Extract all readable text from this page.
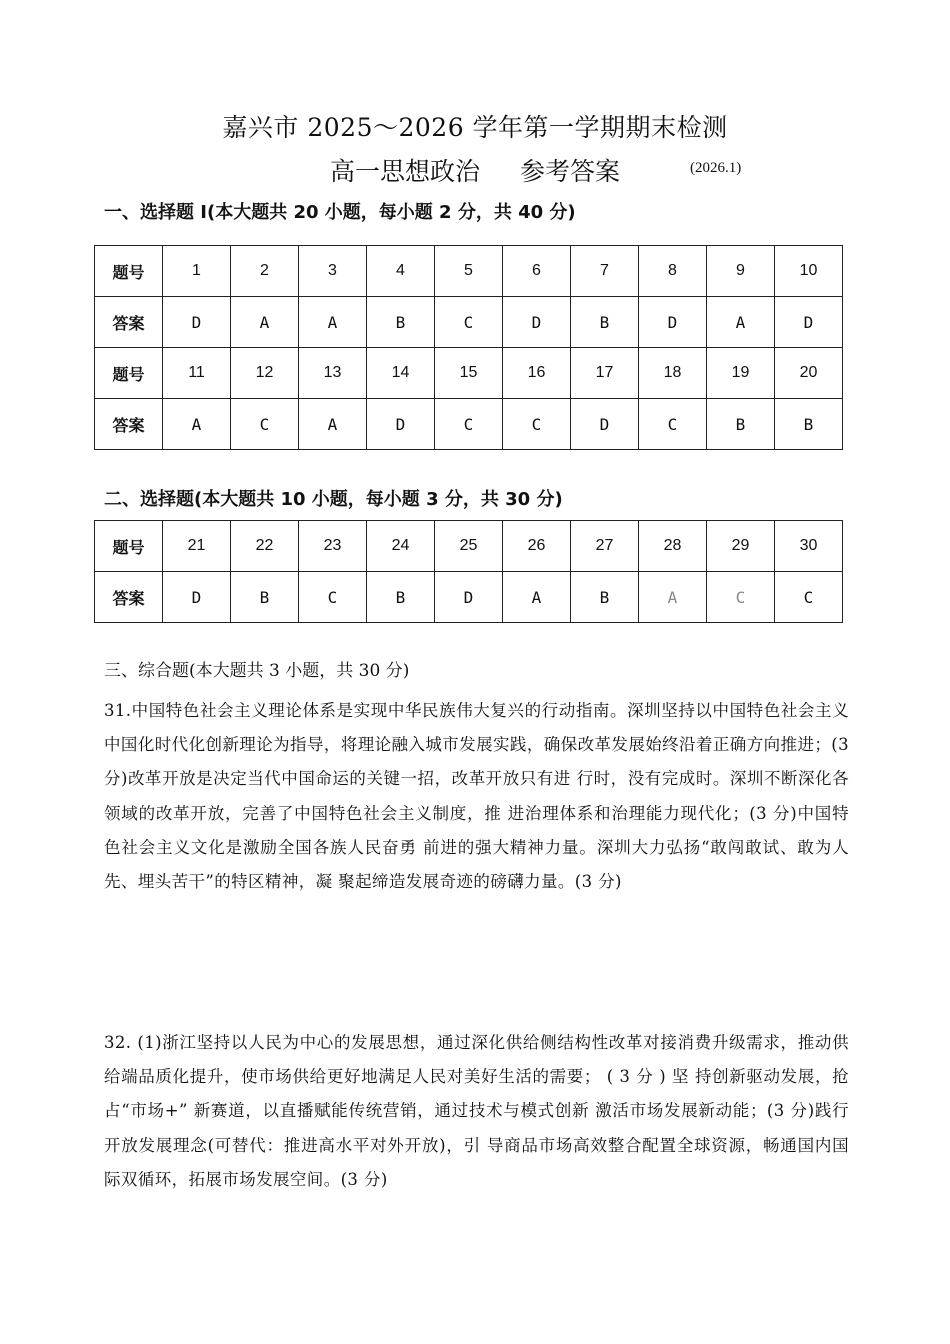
嘉兴市 2025～2026 学年第一学期期末检测
高一思想政治 参考答案	(2026.1)
一、选择题 I(本大题共 20 小题，每小题 2 分，共 40 分)
题号	1	2	3	4	5	6	7	8	9	10
答案	D	A	A	B	C	D	B	D	A	D
题号	11	12	13	14	15	16	17	18	19	20
答案	A	C	A	D	C	C	D	C	B	B
二、选择题(本大题共 10 小题，每小题 3 分，共 30 分)
题号	21	22	23	24	25	26	27	28	29	30
答案	D	B	C	B	D	A	B	A	C	C
三、综合题(本大题共 3 小题，共 30 分)
31.中国特色社会主义理论体系是实现中华民族伟大复兴的行动指南。深圳坚持以中国特色社会主义中国化时代化创新理论为指导，将理论融入城市发展实践，确保改革发展始终沿着正确方向推进；(3 分)改革开放是决定当代中国命运的关键一招，改革开放只有进 行时，没有完成时。深圳不断深化各领域的改革开放，完善了中国特色社会主义制度，推 进治理体系和治理能力现代化；(3 分)中国特色社会主义文化是激励全国各族人民奋勇 前进的强大精神力量。深圳大力弘扬“敢闯敢试、敢为人先、埋头苦干”的特区精神，凝 聚起缔造发展奇迹的磅礴力量。(3 分)
32. (1)浙江坚持以人民为中心的发展思想，通过深化供给侧结构性改革对接消费升级需求，推动供给端品质化提升，使市场供给更好地满足人民对美好生活的需要； ( 3 分 ) 坚 持创新驱动发展，抢占“市场+” 新赛道，以直播赋能传统营销，通过技术与模式创新 激活市场发展新动能；(3 分)践行开放发展理念(可替代：推进高水平对外开放)，引 导商品市场高效整合配置全球资源，畅通国内国际双循环，拓展市场发展空间。(3 分)
